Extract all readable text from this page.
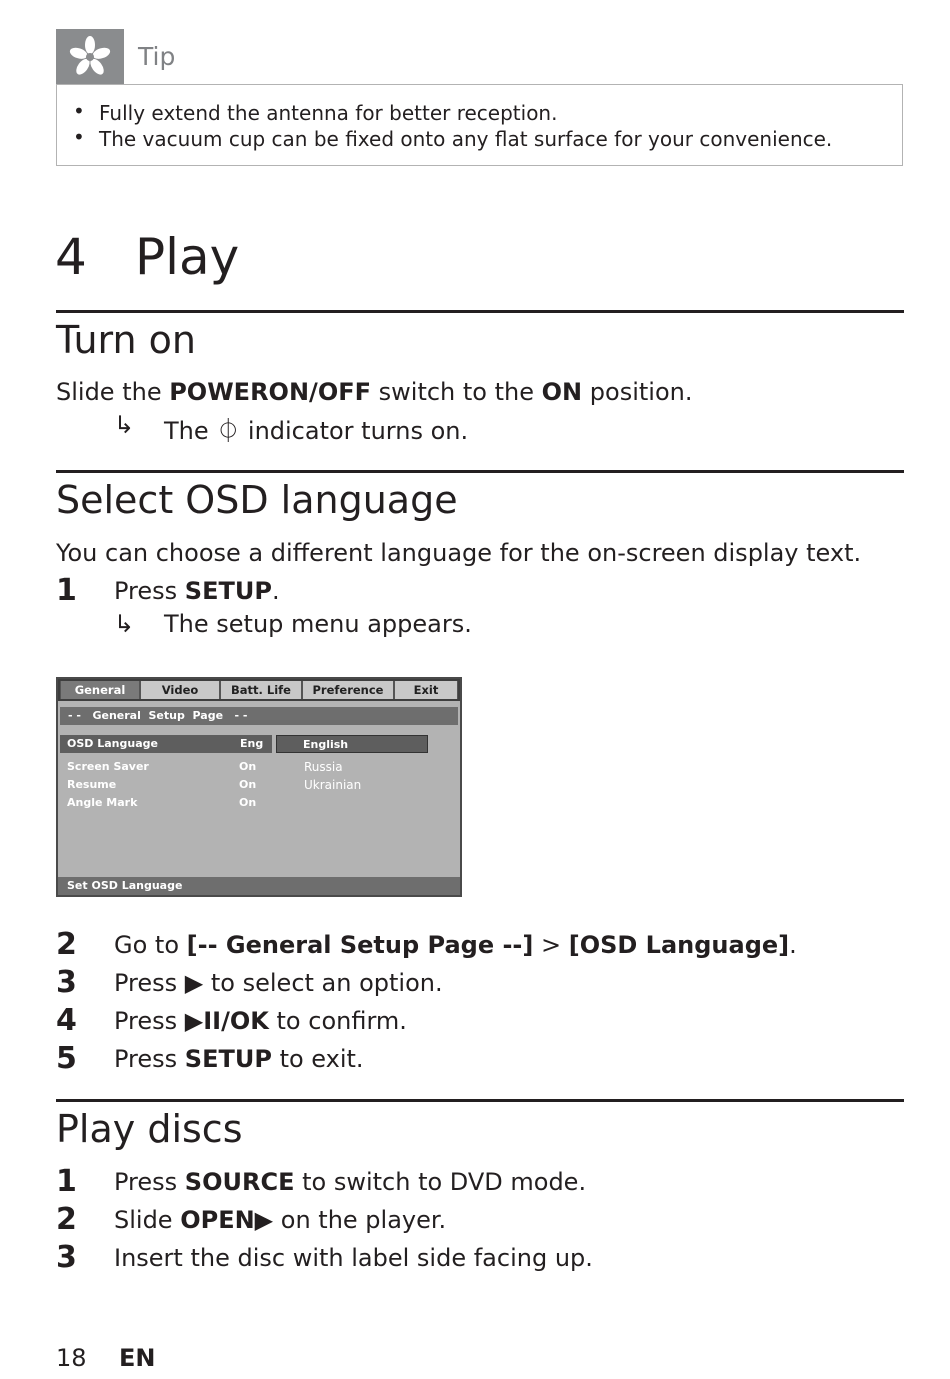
Tip
• Fully extend the antenna for better reception.
• The vacuum cup can be fixed onto any flat surface for your convenience.
4 Play
Turn on
Slide the POWERON/OFF switch to the ON position.
↳ The ⏀ indicator turns on.
Select OSD language
You can choose a different language for the on-screen display text.
1 Press SETUP.
↳ The setup menu appears.
General	Video	Batt. Life	Preference	Exit
- -   General  Setup  Page   - -
OSD Language	Eng	English
Screen Saver	On
Resume	On
Angle Mark	On
Russia
Ukrainian
Set OSD Language
2 Go to [-- General Setup Page --] > [OSD Language].
3 Press ▶ to select an option.
4 Press ▶II/OK to confirm.
5 Press SETUP to exit.
Play discs
1 Press SOURCE to switch to DVD mode.
2 Slide OPEN▶ on the player.
3 Insert the disc with label side facing up.
18 EN
